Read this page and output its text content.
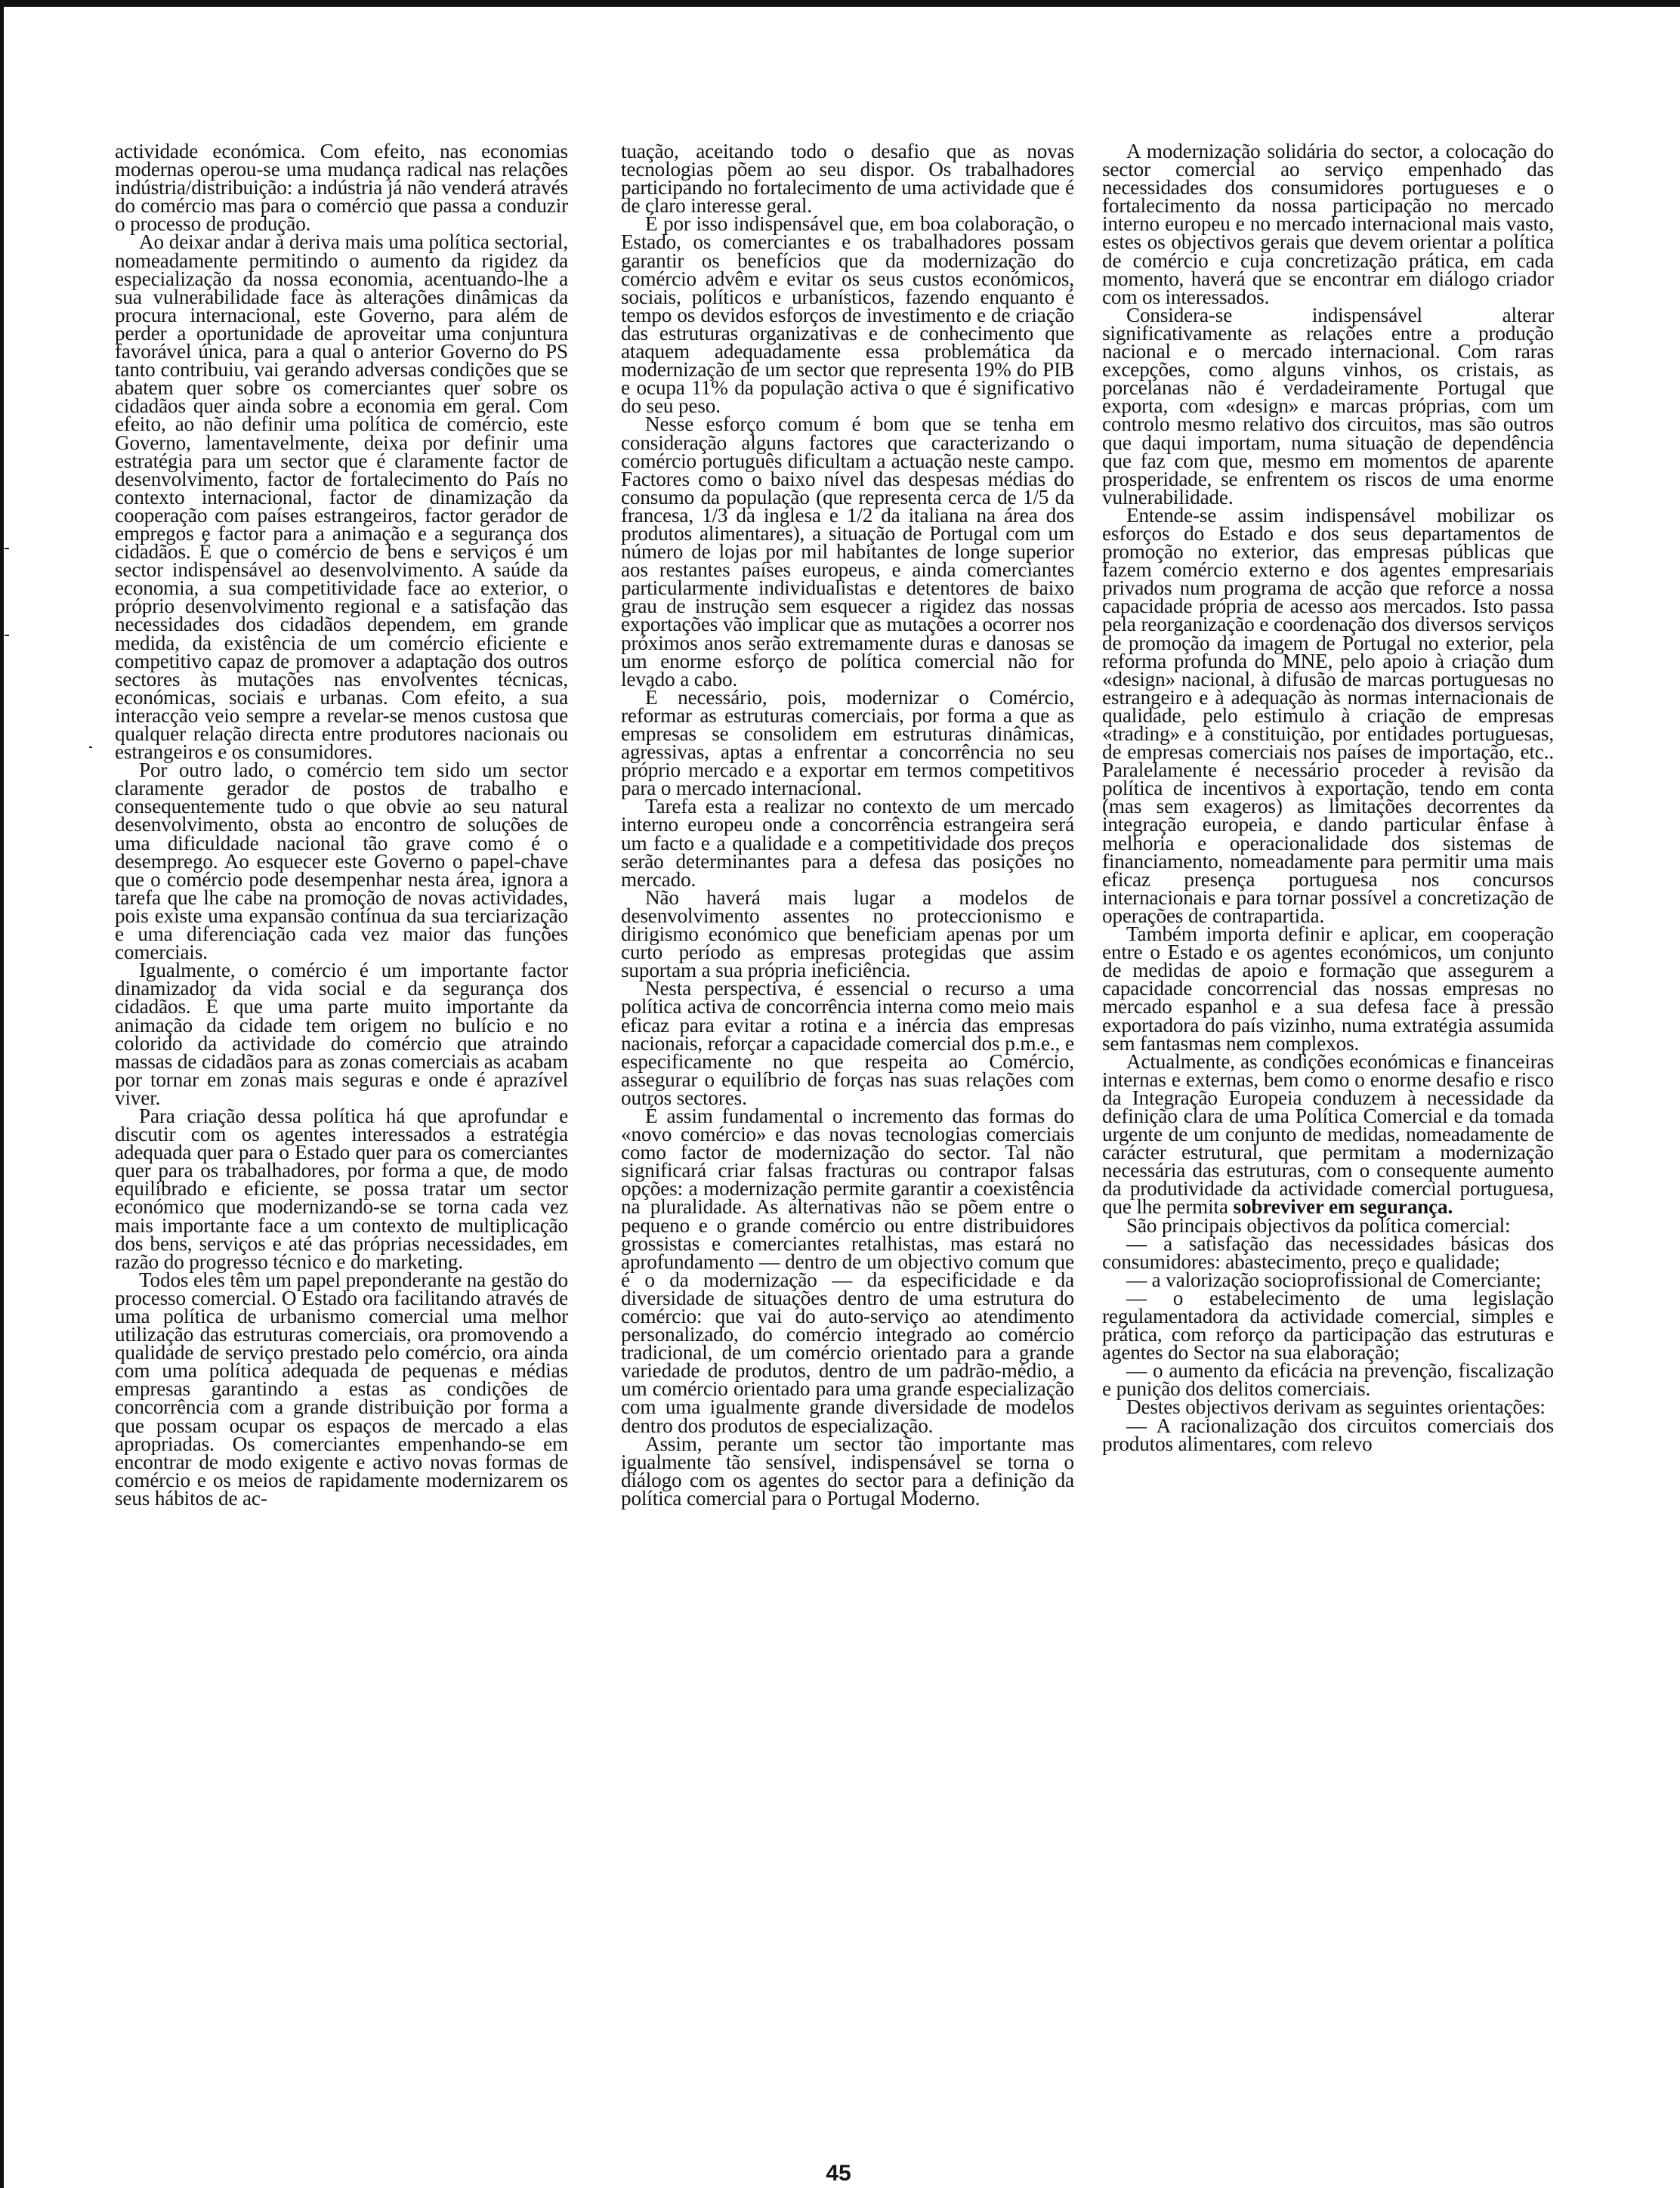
actividade económica. Com efeito, nas economias modernas operou-se uma mudança radical nas relações indústria/distribuição: a indústria já não venderá através do comércio mas para o comércio que passa a conduzir o processo de produção.

Ao deixar andar à deriva mais uma política sectorial, nomeadamente permitindo o aumento da rigidez da especialização da nossa economia, acentuando-lhe a sua vulnerabilidade face às alterações dinâmicas da procura internacional, este Governo, para além de perder a oportunidade de aproveitar uma conjuntura favorável única, para a qual o anterior Governo do PS tanto contribuiu, vai gerando adversas condições que se abatem quer sobre os comerciantes quer sobre os cidadãos quer ainda sobre a economia em geral. Com efeito, ao não definir uma política de comércio, este Governo, lamentavelmente, deixa por definir uma estratégia para um sector que é claramente factor de desenvolvimento, factor de fortalecimento do País no contexto internacional, factor de dinamização da cooperação com países estrangeiros, factor gerador de empregos e factor para a animação e a segurança dos cidadãos. É que o comércio de bens e serviços é um sector indispensável ao desenvolvimento. A saúde da economia, a sua competitividade face ao exterior, o próprio desenvolvimento regional e a satisfação das necessidades dos cidadãos dependem, em grande medida, da existência de um comércio eficiente e competitivo capaz de promover a adaptação dos outros sectores às mutações nas envolventes técnicas, económicas, sociais e urbanas. Com efeito, a sua interacção veio sempre a revelar-se menos custosa que qualquer relação directa entre produtores nacionais ou estrangeiros e os consumidores.

Por outro lado, o comércio tem sido um sector claramente gerador de postos de trabalho e consequentemente tudo o que obvie ao seu natural desenvolvimento, obsta ao encontro de soluções de uma dificuldade nacional tão grave como é o desemprego. Ao esquecer este Governo o papel-chave que o comércio pode desempenhar nesta área, ignora a tarefa que lhe cabe na promoção de novas actividades, pois existe uma expansão contínua da sua terciarização e uma diferenciação cada vez maior das funções comerciais.

Igualmente, o comércio é um importante factor dinamizador da vida social e da segurança dos cidadãos. É que uma parte muito importante da animação da cidade tem origem no bulício e no colorido da actividade do comércio que atraindo massas de cidadãos para as zonas comerciais as acabam por tornar em zonas mais seguras e onde é aprazível viver.

Para criação dessa política há que aprofundar e discutir com os agentes interessados a estratégia adequada quer para o Estado quer para os comerciantes quer para os trabalhadores, por forma a que, de modo equilibrado e eficiente, se possa tratar um sector económico que modernizando-se se torna cada vez mais importante face a um contexto de multiplicação dos bens, serviços e até das próprias necessidades, em razão do progresso técnico e do marketing.

Todos eles têm um papel preponderante na gestão do processo comercial. O Estado ora facilitando através de uma política de urbanismo comercial uma melhor utilização das estruturas comerciais, ora promovendo a qualidade de serviço prestado pelo comércio, ora ainda com uma política adequada de pequenas e médias empresas garantindo a estas as condições de concorrência com a grande distribuição por forma a que possam ocupar os espaços de mercado a elas apropriadas. Os comerciantes empenhando-se em encontrar de modo exigente e activo novas formas de comércio e os meios de rapidamente modernizarem os seus hábitos de ac-

tuação, aceitando todo o desafio que as novas tecnologias põem ao seu dispor. Os trabalhadores participando no fortalecimento de uma actividade que é de claro interesse geral.

É por isso indispensável que, em boa colaboração, o Estado, os comerciantes e os trabalhadores possam garantir os benefícios que da modernização do comércio advêm e evitar os seus custos económicos, sociais, políticos e urbanísticos, fazendo enquanto é tempo os devidos esforços de investimento e de criação das estruturas organizativas e de conhecimento que ataquem adequadamente essa problemática da modernização de um sector que representa 19% do PIB e ocupa 11% da população activa o que é significativo do seu peso.

Nesse esforço comum é bom que se tenha em consideração alguns factores que caracterizando o comércio português dificultam a actuação neste campo. Factores como o baixo nível das despesas médias do consumo da população (que representa cerca de 1/5 da francesa, 1/3 da inglesa e 1/2 da italiana na área dos produtos alimentares), a situação de Portugal com um número de lojas por mil habitantes de longe superior aos restantes países europeus, e ainda comerciantes particularmente individualistas e detentores de baixo grau de instrução sem esquecer a rigidez das nossas exportações vão implicar que as mutações a ocorrer nos próximos anos serão extremamente duras e danosas se um enorme esforço de política comercial não for levado a cabo.

É necessário, pois, modernizar o Comércio, reformar as estruturas comerciais, por forma a que as empresas se consolidem em estruturas dinâmicas, agressivas, aptas a enfrentar a concorrência no seu próprio mercado e a exportar em termos competitivos para o mercado internacional.

Tarefa esta a realizar no contexto de um mercado interno europeu onde a concorrência estrangeira será um facto e a qualidade e a competitividade dos preços serão determinantes para a defesa das posições no mercado.

Não haverá mais lugar a modelos de desenvolvimento assentes no proteccionismo e dirigismo económico que beneficiam apenas por um curto período as empresas protegidas que assim suportam a sua própria ineficiência.

Nesta perspectiva, é essencial o recurso a uma política activa de concorrência interna como meio mais eficaz para evitar a rotina e a inércia das empresas nacionais, reforçar a capacidade comercial dos p.m.e., e especificamente no que respeita ao Comércio, assegurar o equilíbrio de forças nas suas relações com outros sectores.

É assim fundamental o incremento das formas do «novo comércio» e das novas tecnologias comerciais como factor de modernização do sector. Tal não significará criar falsas fracturas ou contrapor falsas opções: a modernização permite garantir a coexistência na pluralidade. As alternativas não se põem entre o pequeno e o grande comércio ou entre distribuidores grossistas e comerciantes retalhistas, mas estará no aprofundamento — dentro de um objectivo comum que é o da modernização — da especificidade e da diversidade de situações dentro de uma estrutura do comércio: que vai do auto-serviço ao atendimento personalizado, do comércio integrado ao comércio tradicional, de um comércio orientado para a grande variedade de produtos, dentro de um padrão-médio, a um comércio orientado para uma grande especialização com uma igualmente grande diversidade de modelos dentro dos produtos de especialização.

Assim, perante um sector tão importante mas igualmente tão sensível, indispensável se torna o diálogo com os agentes do sector para a definição da política comercial para o Portugal Moderno.

A modernização solidária do sector, a colocação do sector comercial ao serviço empenhado das necessidades dos consumidores portugueses e o fortalecimento da nossa participação no mercado interno europeu e no mercado internacional mais vasto, estes os objectivos gerais que devem orientar a política de comércio e cuja concretização prática, em cada momento, haverá que se encontrar em diálogo criador com os interessados.

Considera-se indispensável alterar significativamente as relações entre a produção nacional e o mercado internacional. Com raras excepções, como alguns vinhos, os cristais, as porcelanas não é verdadeiramente Portugal que exporta, com «design» e marcas próprias, com um controlo mesmo relativo dos circuitos, mas são outros que daqui importam, numa situação de dependência que faz com que, mesmo em momentos de aparente prosperidade, se enfrentem os riscos de uma enorme vulnerabilidade.

Entende-se assim indispensável mobilizar os esforços do Estado e dos seus departamentos de promoção no exterior, das empresas públicas que fazem comércio externo e dos agentes empresariais privados num programa de acção que reforce a nossa capacidade própria de acesso aos mercados. Isto passa pela reorganização e coordenação dos diversos serviços de promoção da imagem de Portugal no exterior, pela reforma profunda do MNE, pelo apoio à criação dum «design» nacional, à difusão de marcas portuguesas no estrangeiro e à adequação às normas internacionais de qualidade, pelo estimulo à criação de empresas «trading» e à constituição, por entidades portuguesas, de empresas comerciais nos países de importação, etc.. Paralelamente é necessário proceder à revisão da política de incentivos à exportação, tendo em conta (mas sem exageros) as limitações decorrentes da integração europeia, e dando particular ênfase à melhoria e operacionalidade dos sistemas de financiamento, nomeadamente para permitir uma mais eficaz presença portuguesa nos concursos internacionais e para tornar possível a concretização de operações de contrapartida.

Também importa definir e aplicar, em cooperação entre o Estado e os agentes económicos, um conjunto de medidas de apoio e formação que assegurem a capacidade concorrencial das nossas empresas no mercado espanhol e a sua defesa face à pressão exportadora do país vizinho, numa extratégia assumida sem fantasmas nem complexos.

Actualmente, as condições económicas e financeiras internas e externas, bem como o enorme desafio e risco da Integração Europeia conduzem à necessidade da definição clara de uma Política Comercial e da tomada urgente de um conjunto de medidas, nomeadamente de carácter estrutural, que permitam a modernização necessária das estruturas, com o consequente aumento da produtividade da actividade comercial portuguesa, que lhe permita sobreviver em segurança.

São principais objectivos da política comercial:

— a satisfação das necessidades básicas dos consumidores: abastecimento, preço e qualidade;

— a valorização socioprofissional de Comerciante;

— o estabelecimento de uma legislação regulamentadora da actividade comercial, simples e prática, com reforço da participação das estruturas e agentes do Sector na sua elaboração;

— o aumento da eficácia na prevenção, fiscalização e punição dos delitos comerciais.

Destes objectivos derivam as seguintes orientações:

— A racionalização dos circuitos comerciais dos produtos alimentares, com relevo

45
